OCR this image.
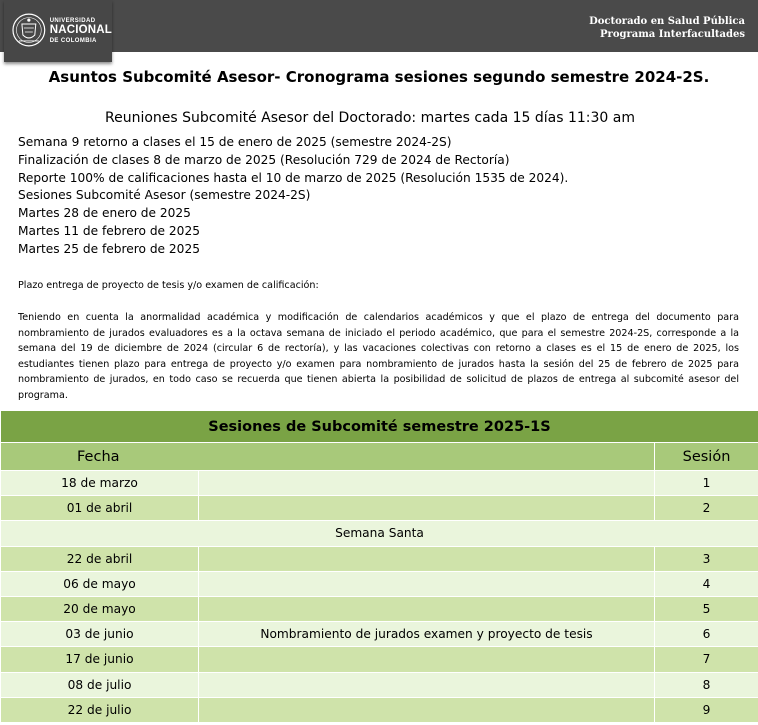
UNIVERSIDAD
NACIONAL
DE COLOMBIA
Doctorado en Salud Pública
Programa Interfacultades
Asuntos Subcomité Asesor- Cronograma sesiones segundo semestre 2024-2S.

Reuniones Subcomité Asesor del Doctorado: martes cada 15 días 11:30 am

Semana 9 retorno a clases el 15 de enero de 2025 (semestre 2024-2S)
Finalización de clases 8 de marzo de 2025 (Resolución 729 de 2024 de Rectoría)
Reporte 100% de calificaciones hasta el 10 de marzo de 2025 (Resolución 1535 de 2024).
Sesiones Subcomité Asesor (semestre 2024-2S)
Martes 28 de enero de 2025
Martes 11 de febrero de 2025
Martes 25 de febrero de 2025

Plazo entrega de proyecto de tesis y/o examen de calificación:

Teniendo en cuenta la anormalidad académica y modificación de calendarios académicos y que el plazo de entrega del documento para nombramiento de jurados evaluadores es a la octava semana de iniciado el periodo académico, que para el semestre 2024-2S, corresponde a la semana del 19 de diciembre de 2024 (circular 6 de rectoría), y las vacaciones colectivas con retorno a clases es el 15 de enero de 2025, los estudiantes tienen plazo para entrega de proyecto y/o examen para nombramiento de jurados hasta la sesión del 25 de febrero de 2025 para nombramiento de jurados, en todo caso se recuerda que tienen abierta la posibilidad de solicitud de plazos de entrega al subcomité asesor del programa.

Sesiones de Subcomité semestre 2025-1S		
Fecha		Sesión
18 de marzo		1
01 de abril		2
Semana Santa		
22 de abril		3
06 de mayo		4
20 de mayo		5
03 de junio	Nombramiento de jurados examen y proyecto de tesis	6
17 de junio		7
08 de julio		8
22 de julio		9
